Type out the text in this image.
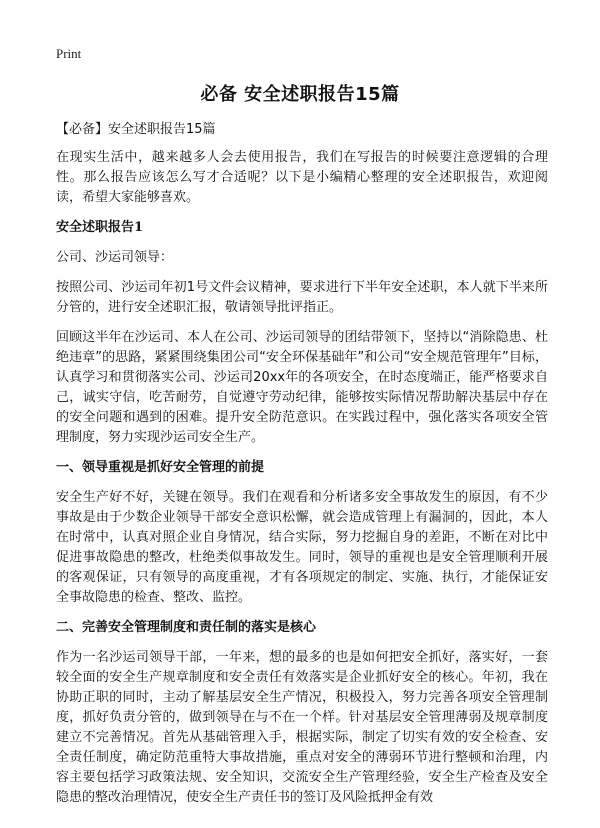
Print
必备 安全述职报告15篇

【必备】安全述职报告15篇

在现实生活中，越来越多人会去使用报告，我们在写报告的时候要注意逻辑的合理性。那么报告应该怎么写才合适呢？以下是小编精心整理的安全述职报告，欢迎阅读，希望大家能够喜欢。

安全述职报告1

公司、沙运司领导：

按照公司、沙运司年初1号文件会议精神，要求进行下半年安全述职，本人就下半来所分管的，进行安全述职汇报，敬请领导批评指正。

回顾这半年在沙运司、本人在公司、沙运司领导的团结带领下，坚持以“消除隐患、杜绝违章”的思路，紧紧围绕集团公司“安全环保基础年”和公司“安全规范管理年”目标，认真学习和贯彻落实公司、沙运司20xx年的各项安全，在时态度端正，能严格要求自己，诚实守信，吃苦耐劳，自觉遵守劳动纪律，能够按实际情况帮助解决基层中存在的安全问题和遇到的困难。提升安全防范意识。在实践过程中，强化落实各项安全管理制度，努力实现沙运司安全生产。

一、领导重视是抓好安全管理的前提

安全生产好不好，关键在领导。我们在观看和分析诸多安全事故发生的原因，有不少事故是由于少数企业领导干部安全意识松懈，就会造成管理上有漏洞的，因此，本人在时常中，认真对照企业自身情况，结合实际，努力挖掘自身的差距，不断在对比中促进事故隐患的整改，杜绝类似事故发生。同时，领导的重视也是安全管理顺利开展的客观保证，只有领导的高度重视，才有各项规定的制定、实施、执行，才能保证安全事故隐患的检查、整改、监控。

二、完善安全管理制度和责任制的落实是核心

作为一名沙运司领导干部，一年来，想的最多的也是如何把安全抓好，落实好，一套较全面的安全生产规章制度和安全责任有效落实是企业抓好安全的核心。年初，我在协助正职的同时，主动了解基层安全生产情况，积极投入，努力完善各项安全管理制度，抓好负责分管的，做到领导在与不在一个样。针对基层安全管理薄弱及规章制度建立不完善情况。首先从基础管理入手，根据实际，制定了切实有效的安全检查、安全责任制度，确定防范重特大事故措施，重点对安全的薄弱环节进行整顿和治理，内容主要包括学习政策法规、安全知识，交流安全生产管理经验，安全生产检查及安全隐患的整改治理情况，使安全生产责任书的签订及风险抵押金有效
